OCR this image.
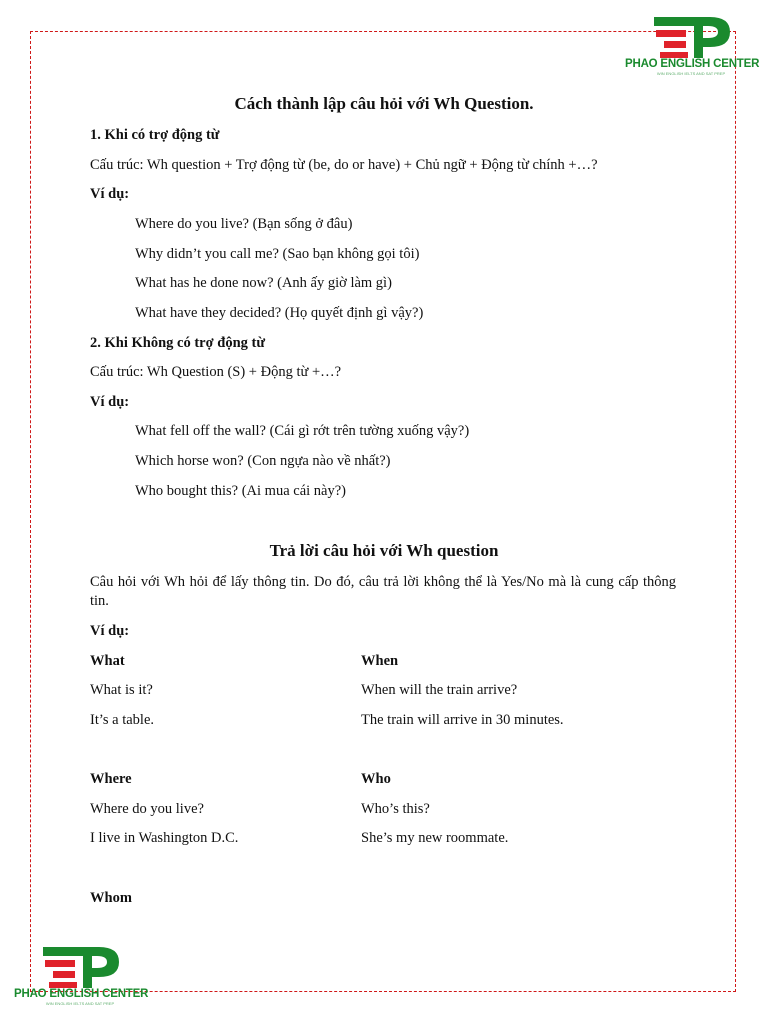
PHAO ENGLISH CENTER
WIN ENGLISH IELTS AND SAT PREP
PHAO ENGLISH CENTER
WIN ENGLISH IELTS AND SAT PREP
Cách thành lập câu hỏi với Wh Question.
1. Khi có trợ động từ
Cấu trúc: Wh question + Trợ động từ (be, do or have) + Chủ ngữ + Động từ chính +…?
Ví dụ:
Where do you live? (Bạn sống ở đâu)
Why didn’t you call me? (Sao bạn không gọi tôi)
What has he done now? (Anh ấy giờ làm gì)
What have they decided? (Họ quyết định gì vậy?)
2. Khi Không có trợ động từ
Cấu trúc: Wh Question (S) + Động từ +…?
Ví dụ:
What fell off the wall? (Cái gì rớt trên tường xuống vậy?)
Which horse won? (Con ngựa nào về nhất?)
Who bought this? (Ai mua cái này?)
Trả lời câu hỏi với Wh question
Câu hỏi với Wh hỏi để lấy thông tin. Do đó, câu trả lời không thể là Yes/No mà là cung cấp thông tin.
Ví dụ:
What
What is it?
It’s a table.
When
When will the train arrive?
The train will arrive in 30 minutes.
Where
Where do you live?
I live in Washington D.C.
Who
Who’s this?
She’s my new roommate.
Whom
